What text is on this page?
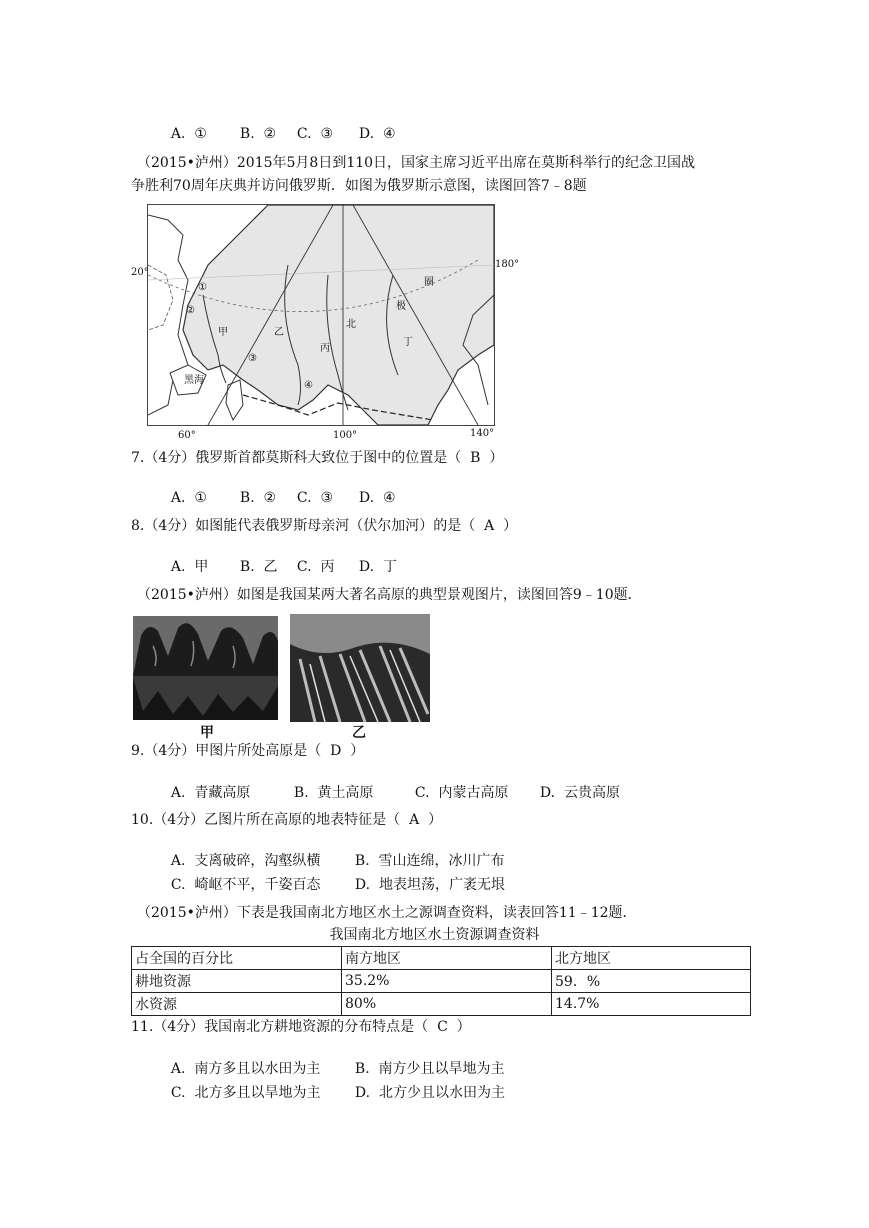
A.  ① B.  ② C.  ③ D.  ④

（2015•泸州）2015年5月8日到110日，国家主席习近平出席在莫斯科举行的纪念卫国战
争胜利70周年庆典并访问俄罗斯．如图为俄罗斯示意图，读图回答7﹣8题
①
②
③
④
甲	乙
丙
丁
北
极
圈
黑海
20°
180°
60°	100°	140°
7.（4分）俄罗斯首都莫斯科大致位于图中的位置是（  B  ）

A.  ① B.  ② C.  ③ D.  ④

8.（4分）如图能代表俄罗斯母亲河（伏尔加河）的是（  A  ）

A.  甲 B.  乙 C.  丙 D.  丁

（2015•泸州）如图是我国某两大著名高原的典型景观图片，读图回答9﹣10题．
甲	乙
9.（4分）甲图片所处高原是（  D  ）

A.  青藏高原	B.  黄土高原	C.  内蒙古高原 D.  云贵高原

10.（4分）乙图片所在高原的地表特征是（  A  ）

A.  支离破碎，沟壑纵横 B.  雪山连绵，冰川广布

C.  崎岖不平，千姿百态 D.  地表坦荡，广袤无垠

（2015•泸州）下表是我国南北方地区水土之源调查资料，读表回答11﹣12题．
我国南北方地区水土资源调查资料
占全国的百分比	南方地区	北方地区
耕地资源	35.2%	59．%
水资源	80%	14.7%
11.（4分）我国南北方耕地资源的分布特点是（  C  ）

A.  南方多且以水田为主 B.  南方少且以旱地为主

C.  北方多且以旱地为主 D.  北方少且以水田为主
